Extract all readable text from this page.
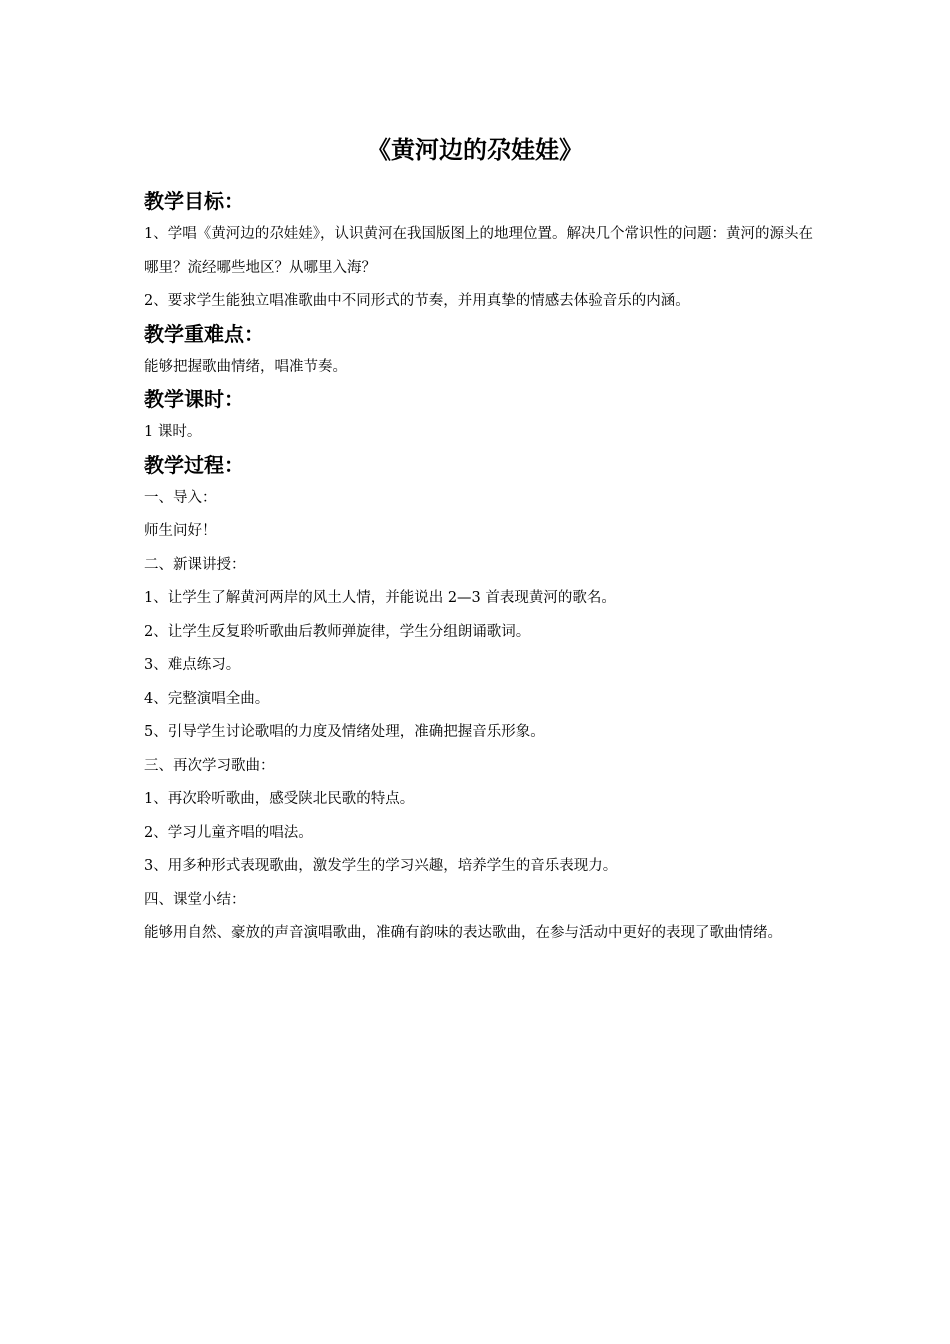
《黄河边的尕娃娃》
教学目标：

1、学唱《黄河边的尕娃娃》，认识黄河在我国版图上的地理位置。解决几个常识性的问题：黄河的源头在哪里？流经哪些地区？从哪里入海？

2、要求学生能独立唱准歌曲中不同形式的节奏，并用真挚的情感去体验音乐的内涵。

教学重难点：

能够把握歌曲情绪，唱准节奏。

教学课时：

1 课时。

教学过程：

一、导入：

师生问好！

二、新课讲授：

1、让学生了解黄河两岸的风土人情，并能说出 2—3 首表现黄河的歌名。

2、让学生反复聆听歌曲后教师弹旋律，学生分组朗诵歌词。

3、难点练习。

4、完整演唱全曲。

5、引导学生讨论歌唱的力度及情绪处理，准确把握音乐形象。

三、再次学习歌曲：

1、再次聆听歌曲，感受陕北民歌的特点。

2、学习儿童齐唱的唱法。

3、用多种形式表现歌曲，激发学生的学习兴趣，培养学生的音乐表现力。

四、课堂小结：

能够用自然、豪放的声音演唱歌曲，准确有韵味的表达歌曲，在参与活动中更好的表现了歌曲情绪。
